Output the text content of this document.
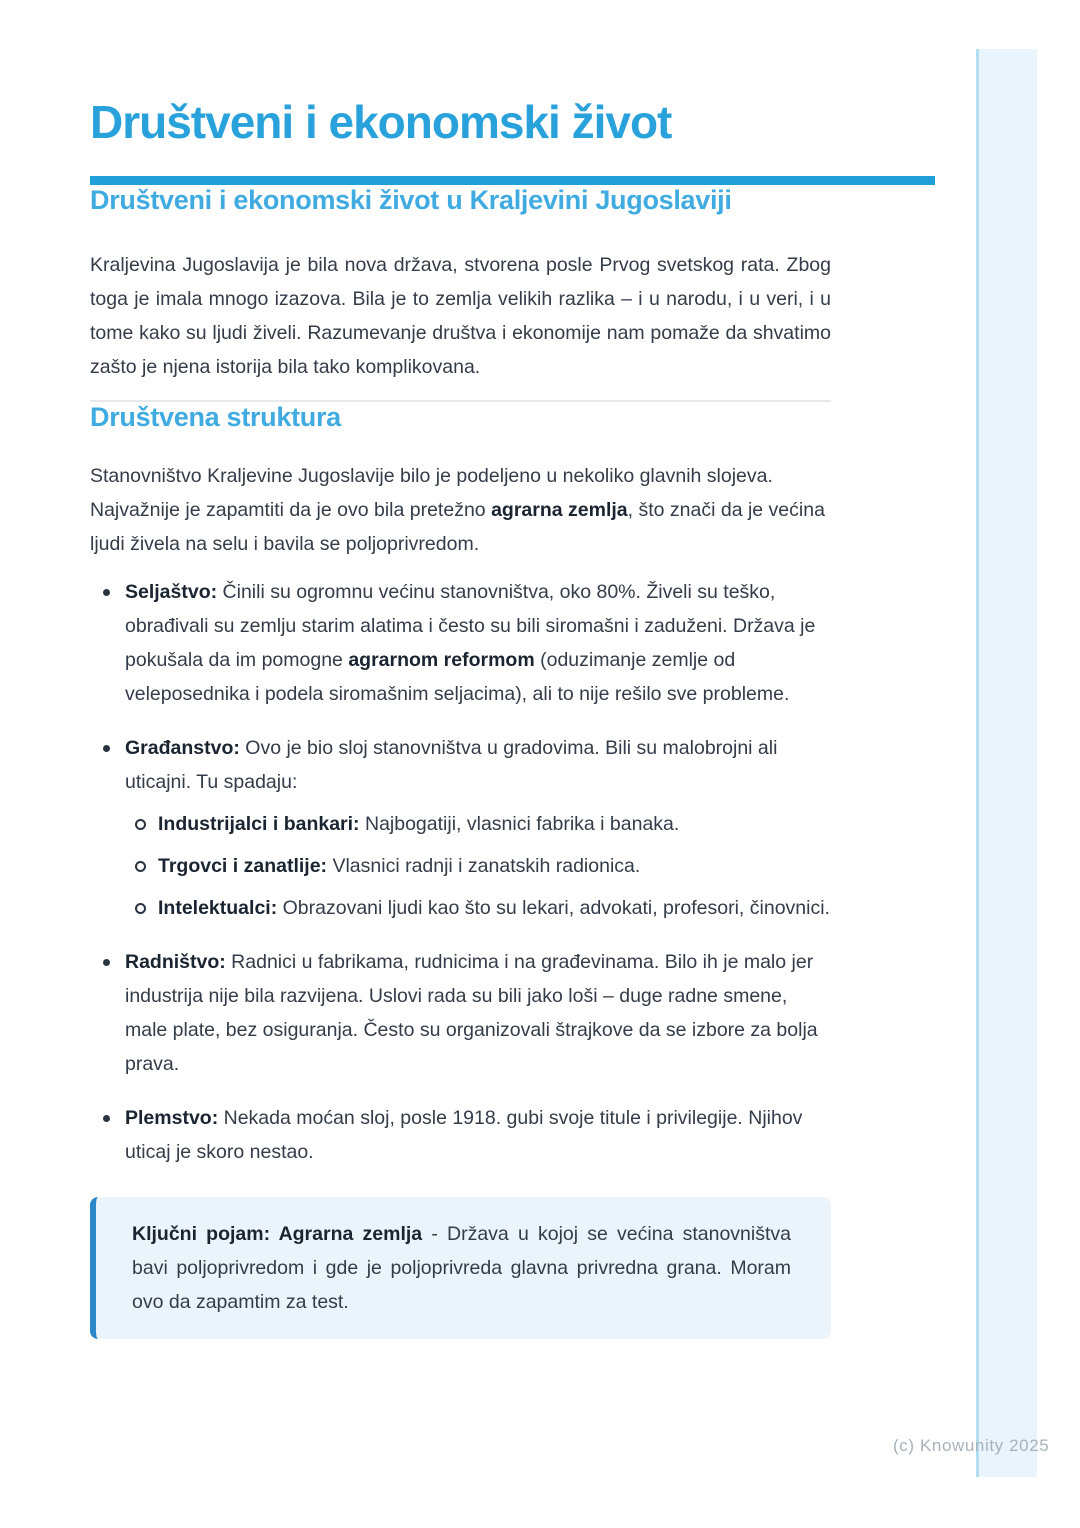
(c) Knowunity 2025
Društveni i ekonomski život
Društveni i ekonomski život u Kraljevini Jugoslaviji

Kraljevina Jugoslavija je bila nova država, stvorena posle Prvog svetskog rata. Zbog toga je imala mnogo izazova. Bila je to zemlja velikih razlika – i u narodu, i u veri, i u tome kako su ljudi živeli. Razumevanje društva i ekonomije nam pomaže da shvatimo zašto je njena istorija bila tako komplikovana.

Društvena struktura

Stanovništvo Kraljevine Jugoslavije bilo je podeljeno u nekoliko glavnih slojeva. Najvažnije je zapamtiti da je ovo bila pretežno agrarna zemlja, što znači da je većina ljudi živela na selu i bavila se poljoprivredom.

Seljaštvo: Činili su ogromnu većinu stanovništva, oko 80%. Živeli su teško, obrađivali su zemlju starim alatima i često su bili siromašni i zaduženi. Država je pokušala da im pomogne agrarnom reformom (oduzimanje zemlje od veleposednika i podela siromašnim seljacima), ali to nije rešilo sve probleme.

Građanstvo: Ovo je bio sloj stanovništva u gradovima. Bili su malobrojni ali uticajni. Tu spadaju:

Industrijalci i bankari: Najbogatiji, vlasnici fabrika i banaka.

Trgovci i zanatlije: Vlasnici radnji i zanatskih radionica.

Intelektualci: Obrazovani ljudi kao što su lekari, advokati, profesori, činovnici.

Radništvo: Radnici u fabrikama, rudnicima i na građevinama. Bilo ih je malo jer industrija nije bila razvijena. Uslovi rada su bili jako loši – duge radne smene, male plate, bez osiguranja. Često su organizovali štrajkove da se izbore za bolja prava.

Plemstvo: Nekada moćan sloj, posle 1918. gubi svoje titule i privilegije. Njihov uticaj je skoro nestao.

Ključni pojam: Agrarna zemlja - Država u kojoj se većina stanovništva bavi poljoprivredom i gde je poljoprivreda glavna privredna grana. Moram ovo da zapamtim za test.
